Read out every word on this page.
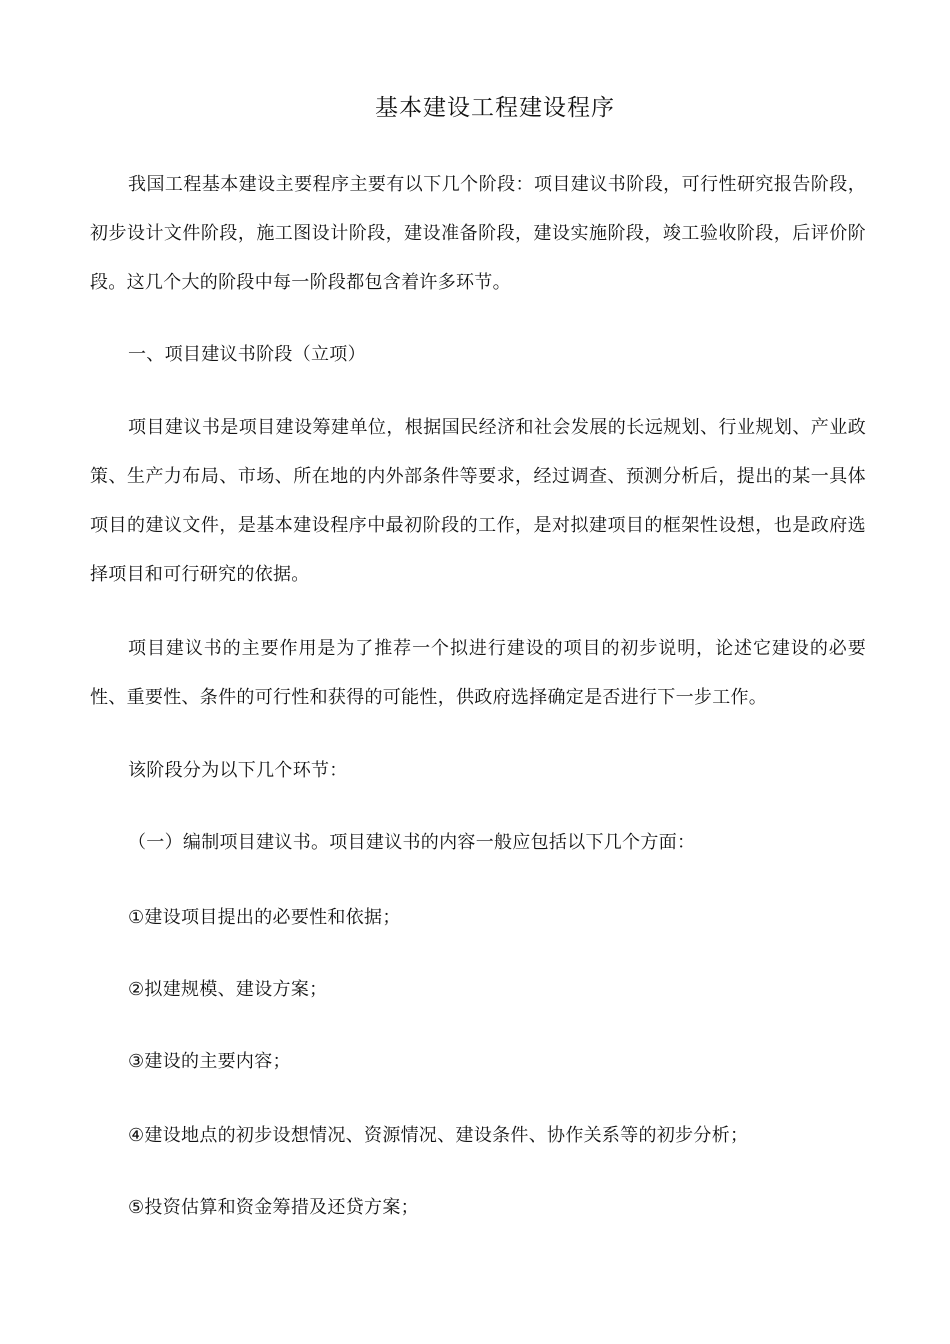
基本建设工程建设程序

我国工程基本建设主要程序主要有以下几个阶段：项目建议书阶段，可行性研究报告阶段，初步设计文件阶段，施工图设计阶段，建设准备阶段，建设实施阶段，竣工验收阶段，后评价阶段。这几个大的阶段中每一阶段都包含着许多环节。

一、项目建议书阶段（立项）

项目建议书是项目建设筹建单位，根据国民经济和社会发展的长远规划、行业规划、产业政策、生产力布局、市场、所在地的内外部条件等要求，经过调查、预测分析后，提出的某一具体项目的建议文件，是基本建设程序中最初阶段的工作，是对拟建项目的框架性设想，也是政府选择项目和可行研究的依据。

项目建议书的主要作用是为了推荐一个拟进行建设的项目的初步说明，论述它建设的必要性、重要性、条件的可行性和获得的可能性，供政府选择确定是否进行下一步工作。

该阶段分为以下几个环节：

（一）编制项目建议书。项目建议书的内容一般应包括以下几个方面：

①建设项目提出的必要性和依据；

②拟建规模、建设方案；

③建设的主要内容；

④建设地点的初步设想情况、资源情况、建设条件、协作关系等的初步分析；

⑤投资估算和资金筹措及还贷方案；
